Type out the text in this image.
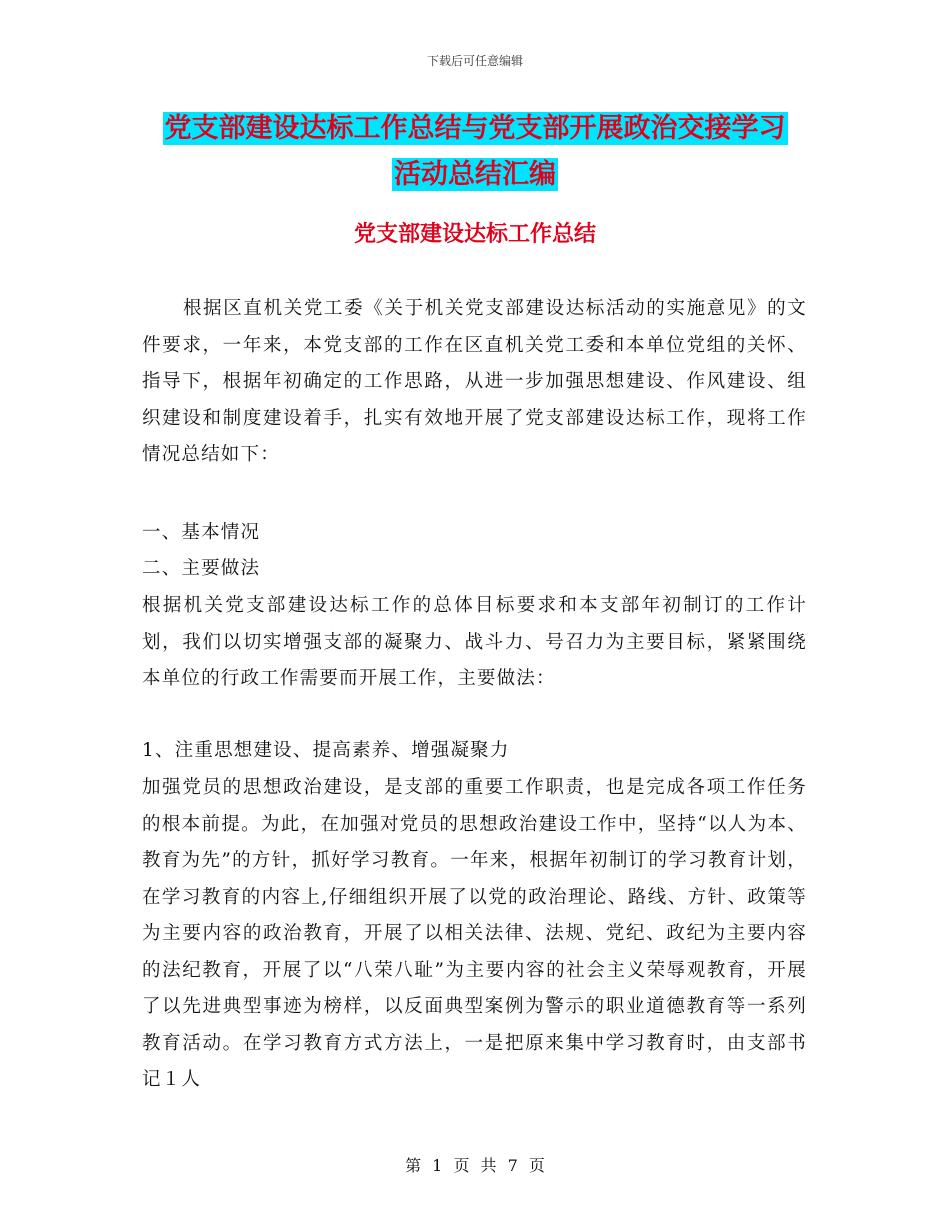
下载后可任意编辑
党支部建设达标工作总结与党支部开展政治交接学习
活动总结汇编
党支部建设达标工作总结

根据区直机关党工委《关于机关党支部建设达标活动的实施意见》的文件要求，一年来，本党支部的工作在区直机关党工委和本单位党组的关怀、指导下，根据年初确定的工作思路，从进一步加强思想建设、作风建设、组织建设和制度建设着手，扎实有效地开展了党支部建设达标工作，现将工作情况总结如下：

一、基本情况

二、主要做法

根据机关党支部建设达标工作的总体目标要求和本支部年初制订的工作计划，我们以切实增强支部的凝聚力、战斗力、号召力为主要目标，紧紧围绕本单位的行政工作需要而开展工作，主要做法：

1、注重思想建设、提高素养、增强凝聚力

加强党员的思想政治建设，是支部的重要工作职责，也是完成各项工作任务的根本前提。为此，在加强对党员的思想政治建设工作中，坚持“以人为本、教育为先”的方针，抓好学习教育。一年来，根据年初制订的学习教育计划，在学习教育的内容上,仔细组织开展了以党的政治理论、路线、方针、政策等为主要内容的政治教育，开展了以相关法律、法规、党纪、政纪为主要内容的法纪教育，开展了以“八荣八耻”为主要内容的社会主义荣辱观教育，开展了以先进典型事迹为榜样，以反面典型案例为警示的职业道德教育等一系列教育活动。在学习教育方式方法上，一是把原来集中学习教育时，由支部书记１人

第 1 页 共 7 页
